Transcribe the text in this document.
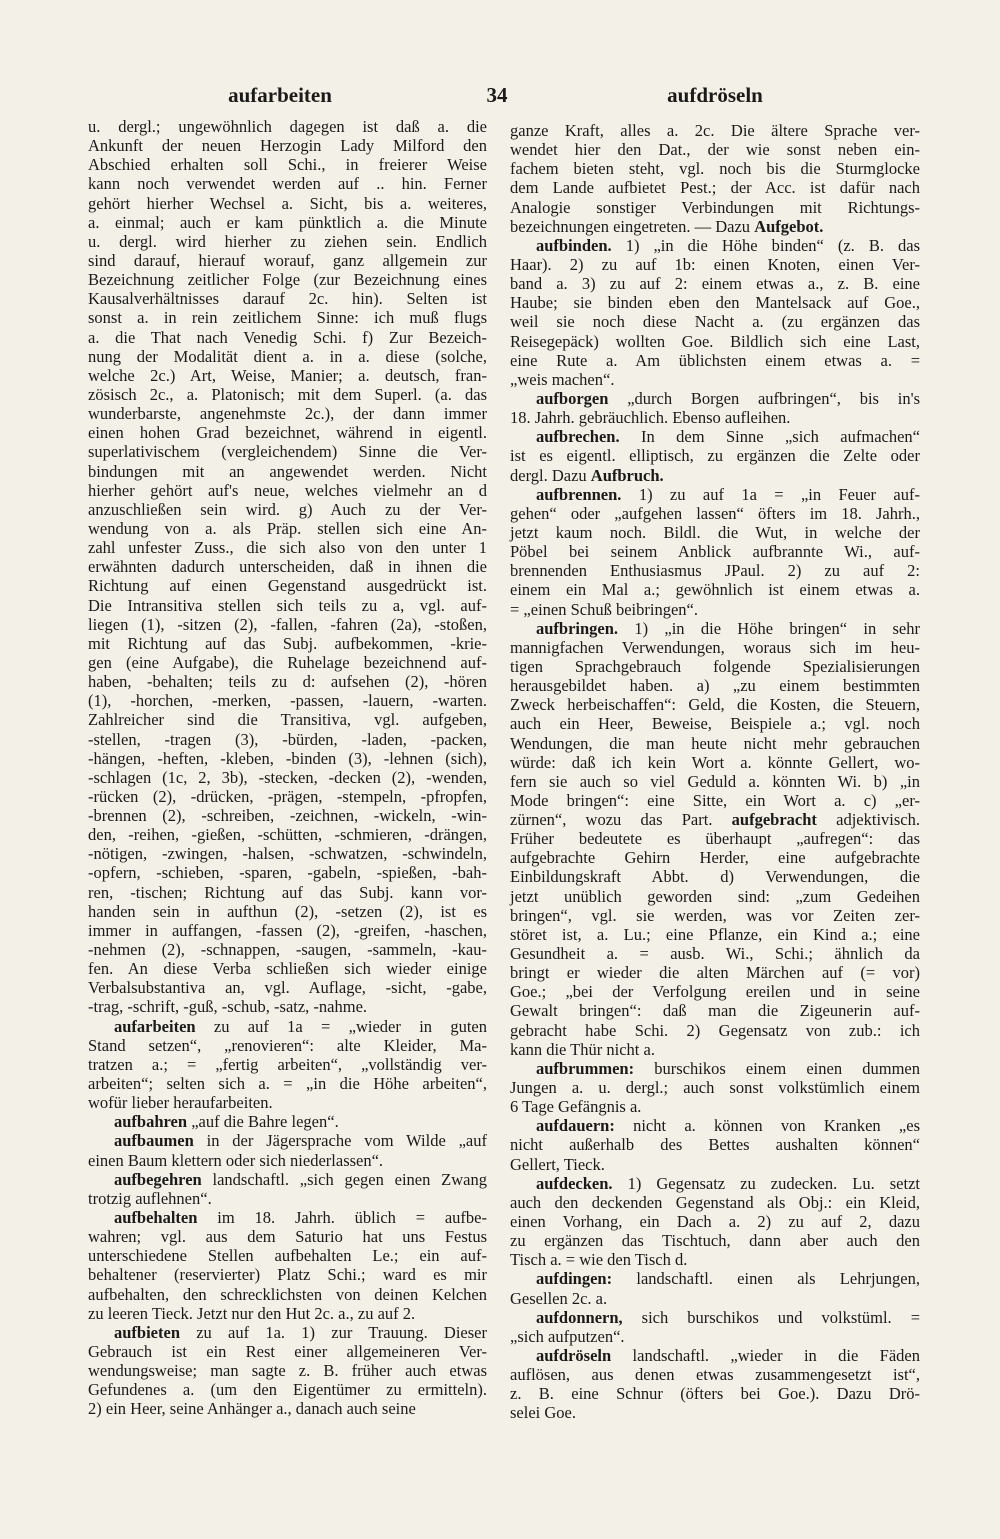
aufarbeiten	34	aufdröseln
u. dergl.; ungewöhnlich dagegen ist daß a. die
Ankunft der neuen Herzogin Lady Milford den
Abschied erhalten soll Schi., in freierer Weise
kann noch verwendet werden auf .. hin. Ferner
gehört hierher Wechsel a. Sicht, bis a. weiteres,
a. einmal; auch er kam pünktlich a. die Minute
u. dergl. wird hierher zu ziehen sein. Endlich
sind darauf, hierauf worauf, ganz allgemein zur
Bezeichnung zeitlicher Folge (zur Bezeichnung eines
Kausalverhältnisses darauf 2c. hin). Selten ist
sonst a. in rein zeitlichem Sinne: ich muß flugs
a. die That nach Venedig Schi. f) Zur Bezeich-
nung der Modalität dient a. in a. diese (solche,
welche 2c.) Art, Weise, Manier; a. deutsch, fran-
zösisch 2c., a. Platonisch; mit dem Superl. (a. das
wunderbarste, angenehmste 2c.), der dann immer
einen hohen Grad bezeichnet, während in eigentl.
superlativischem (vergleichendem) Sinne die Ver-
bindungen mit an angewendet werden. Nicht
hierher gehört auf's neue, welches vielmehr an d
anzuschließen sein wird. g) Auch zu der Ver-
wendung von a. als Präp. stellen sich eine An-
zahl unfester Zuss., die sich also von den unter 1
erwähnten dadurch unterscheiden, daß in ihnen die
Richtung auf einen Gegenstand ausgedrückt ist.
Die Intransitiva stellen sich teils zu a, vgl. auf-
liegen (1), -sitzen (2), -fallen, -fahren (2a), -stoßen,
mit Richtung auf das Subj. aufbekommen, -krie-
gen (eine Aufgabe), die Ruhelage bezeichnend auf-
haben, -behalten; teils zu d: aufsehen (2), -hören
(1), -horchen, -merken, -passen, -lauern, -warten.
Zahlreicher sind die Transitiva, vgl. aufgeben,
-stellen, -tragen (3), -bürden, -laden, -packen,
-hängen, -heften, -kleben, -binden (3), -lehnen (sich),
-schlagen (1c, 2, 3b), -stecken, -decken (2), -wenden,
-rücken (2), -drücken, -prägen, -stempeln, -pfropfen,
-brennen (2), -schreiben, -zeichnen, -wickeln, -win-
den, -reihen, -gießen, -schütten, -schmieren, -drängen,
-nötigen, -zwingen, -halsen, -schwatzen, -schwindeln,
-opfern, -schieben, -sparen, -gabeln, -spießen, -bah-
ren, -tischen; Richtung auf das Subj. kann vor-
handen sein in aufthun (2), -setzen (2), ist es
immer in auffangen, -fassen (2), -greifen, -haschen,
-nehmen (2), -schnappen, -saugen, -sammeln, -kau-
fen. An diese Verba schließen sich wieder einige
Verbalsubstantiva an, vgl. Auflage, -sicht, -gabe,
-trag, -schrift, -guß, -schub, -satz, -nahme.
aufarbeiten zu auf 1a = „wieder in guten
Stand setzen“, „renovieren“: alte Kleider, Ma-
tratzen a.; = „fertig arbeiten“, „vollständig ver-
arbeiten“; selten sich a. = „in die Höhe arbeiten“,
wofür lieber heraufarbeiten.
aufbahren „auf die Bahre legen“.
aufbaumen in der Jägersprache vom Wilde „auf
einen Baum klettern oder sich niederlassen“.
aufbegehren landschaftl. „sich gegen einen Zwang
trotzig auflehnen“.
aufbehalten im 18. Jahrh. üblich = aufbe-
wahren; vgl. aus dem Saturio hat uns Festus
unterschiedene Stellen aufbehalten Le.; ein auf-
behaltener (reservierter) Platz Schi.; ward es mir
aufbehalten, den schrecklichsten von deinen Kelchen
zu leeren Tieck. Jetzt nur den Hut 2c. a., zu auf 2.
aufbieten zu auf 1a. 1) zur Trauung. Dieser
Gebrauch ist ein Rest einer allgemeineren Ver-
wendungsweise; man sagte z. B. früher auch etwas
Gefundenes a. (um den Eigentümer zu ermitteln).
2) ein Heer, seine Anhänger a., danach auch seine
ganze Kraft, alles a. 2c. Die ältere Sprache ver-
wendet hier den Dat., der wie sonst neben ein-
fachem bieten steht, vgl. noch bis die Sturmglocke
dem Lande aufbietet Pest.; der Acc. ist dafür nach
Analogie sonstiger Verbindungen mit Richtungs-
bezeichnungen eingetreten. — Dazu Aufgebot.
aufbinden. 1) „in die Höhe binden“ (z. B. das
Haar). 2) zu auf 1b: einen Knoten, einen Ver-
band a. 3) zu auf 2: einem etwas a., z. B. eine
Haube; sie binden eben den Mantelsack auf Goe.,
weil sie noch diese Nacht a. (zu ergänzen das
Reisegepäck) wollten Goe. Bildlich sich eine Last,
eine Rute a. Am üblichsten einem etwas a. =
„weis machen“.
aufborgen „durch Borgen aufbringen“, bis in's
18. Jahrh. gebräuchlich. Ebenso aufleihen.
aufbrechen. In dem Sinne „sich aufmachen“
ist es eigentl. elliptisch, zu ergänzen die Zelte oder
dergl. Dazu Aufbruch.
aufbrennen. 1) zu auf 1a = „in Feuer auf-
gehen“ oder „aufgehen lassen“ öfters im 18. Jahrh.,
jetzt kaum noch. Bildl. die Wut, in welche der
Pöbel bei seinem Anblick aufbrannte Wi., auf-
brennenden Enthusiasmus JPaul. 2) zu auf 2:
einem ein Mal a.; gewöhnlich ist einem etwas a.
= „einen Schuß beibringen“.
aufbringen. 1) „in die Höhe bringen“ in sehr
mannigfachen Verwendungen, woraus sich im heu-
tigen Sprachgebrauch folgende Spezialisierungen
herausgebildet haben. a) „zu einem bestimmten
Zweck herbeischaffen“: Geld, die Kosten, die Steuern,
auch ein Heer, Beweise, Beispiele a.; vgl. noch
Wendungen, die man heute nicht mehr gebrauchen
würde: daß ich kein Wort a. könnte Gellert, wo-
fern sie auch so viel Geduld a. könnten Wi. b) „in
Mode bringen“: eine Sitte, ein Wort a. c) „er-
zürnen“, wozu das Part. aufgebracht adjektivisch.
Früher bedeutete es überhaupt „aufregen“: das
aufgebrachte Gehirn Herder, eine aufgebrachte
Einbildungskraft Abbt. d) Verwendungen, die
jetzt unüblich geworden sind: „zum Gedeihen
bringen“, vgl. sie werden, was vor Zeiten zer-
störet ist, a. Lu.; eine Pflanze, ein Kind a.; eine
Gesundheit a. = ausb. Wi., Schi.; ähnlich da
bringt er wieder die alten Märchen auf (= vor)
Goe.; „bei der Verfolgung ereilen und in seine
Gewalt bringen“: daß man die Zigeunerin auf-
gebracht habe Schi. 2) Gegensatz von zub.: ich
kann die Thür nicht a.
aufbrummen: burschikos einem einen dummen
Jungen a. u. dergl.; auch sonst volkstümlich einem
6 Tage Gefängnis a.
aufdauern: nicht a. können von Kranken „es
nicht außerhalb des Bettes aushalten können“
Gellert, Tieck.
aufdecken. 1) Gegensatz zu zudecken. Lu. setzt
auch den deckenden Gegenstand als Obj.: ein Kleid,
einen Vorhang, ein Dach a. 2) zu auf 2, dazu
zu ergänzen das Tischtuch, dann aber auch den
Tisch a. = wie den Tisch d.
aufdingen: landschaftl. einen als Lehrjungen,
Gesellen 2c. a.
aufdonnern, sich burschikos und volkstüml. =
„sich aufputzen“.
aufdröseln landschaftl. „wieder in die Fäden
auflösen, aus denen etwas zusammengesetzt ist“,
z. B. eine Schnur (öfters bei Goe.). Dazu Drö-
selei Goe.
